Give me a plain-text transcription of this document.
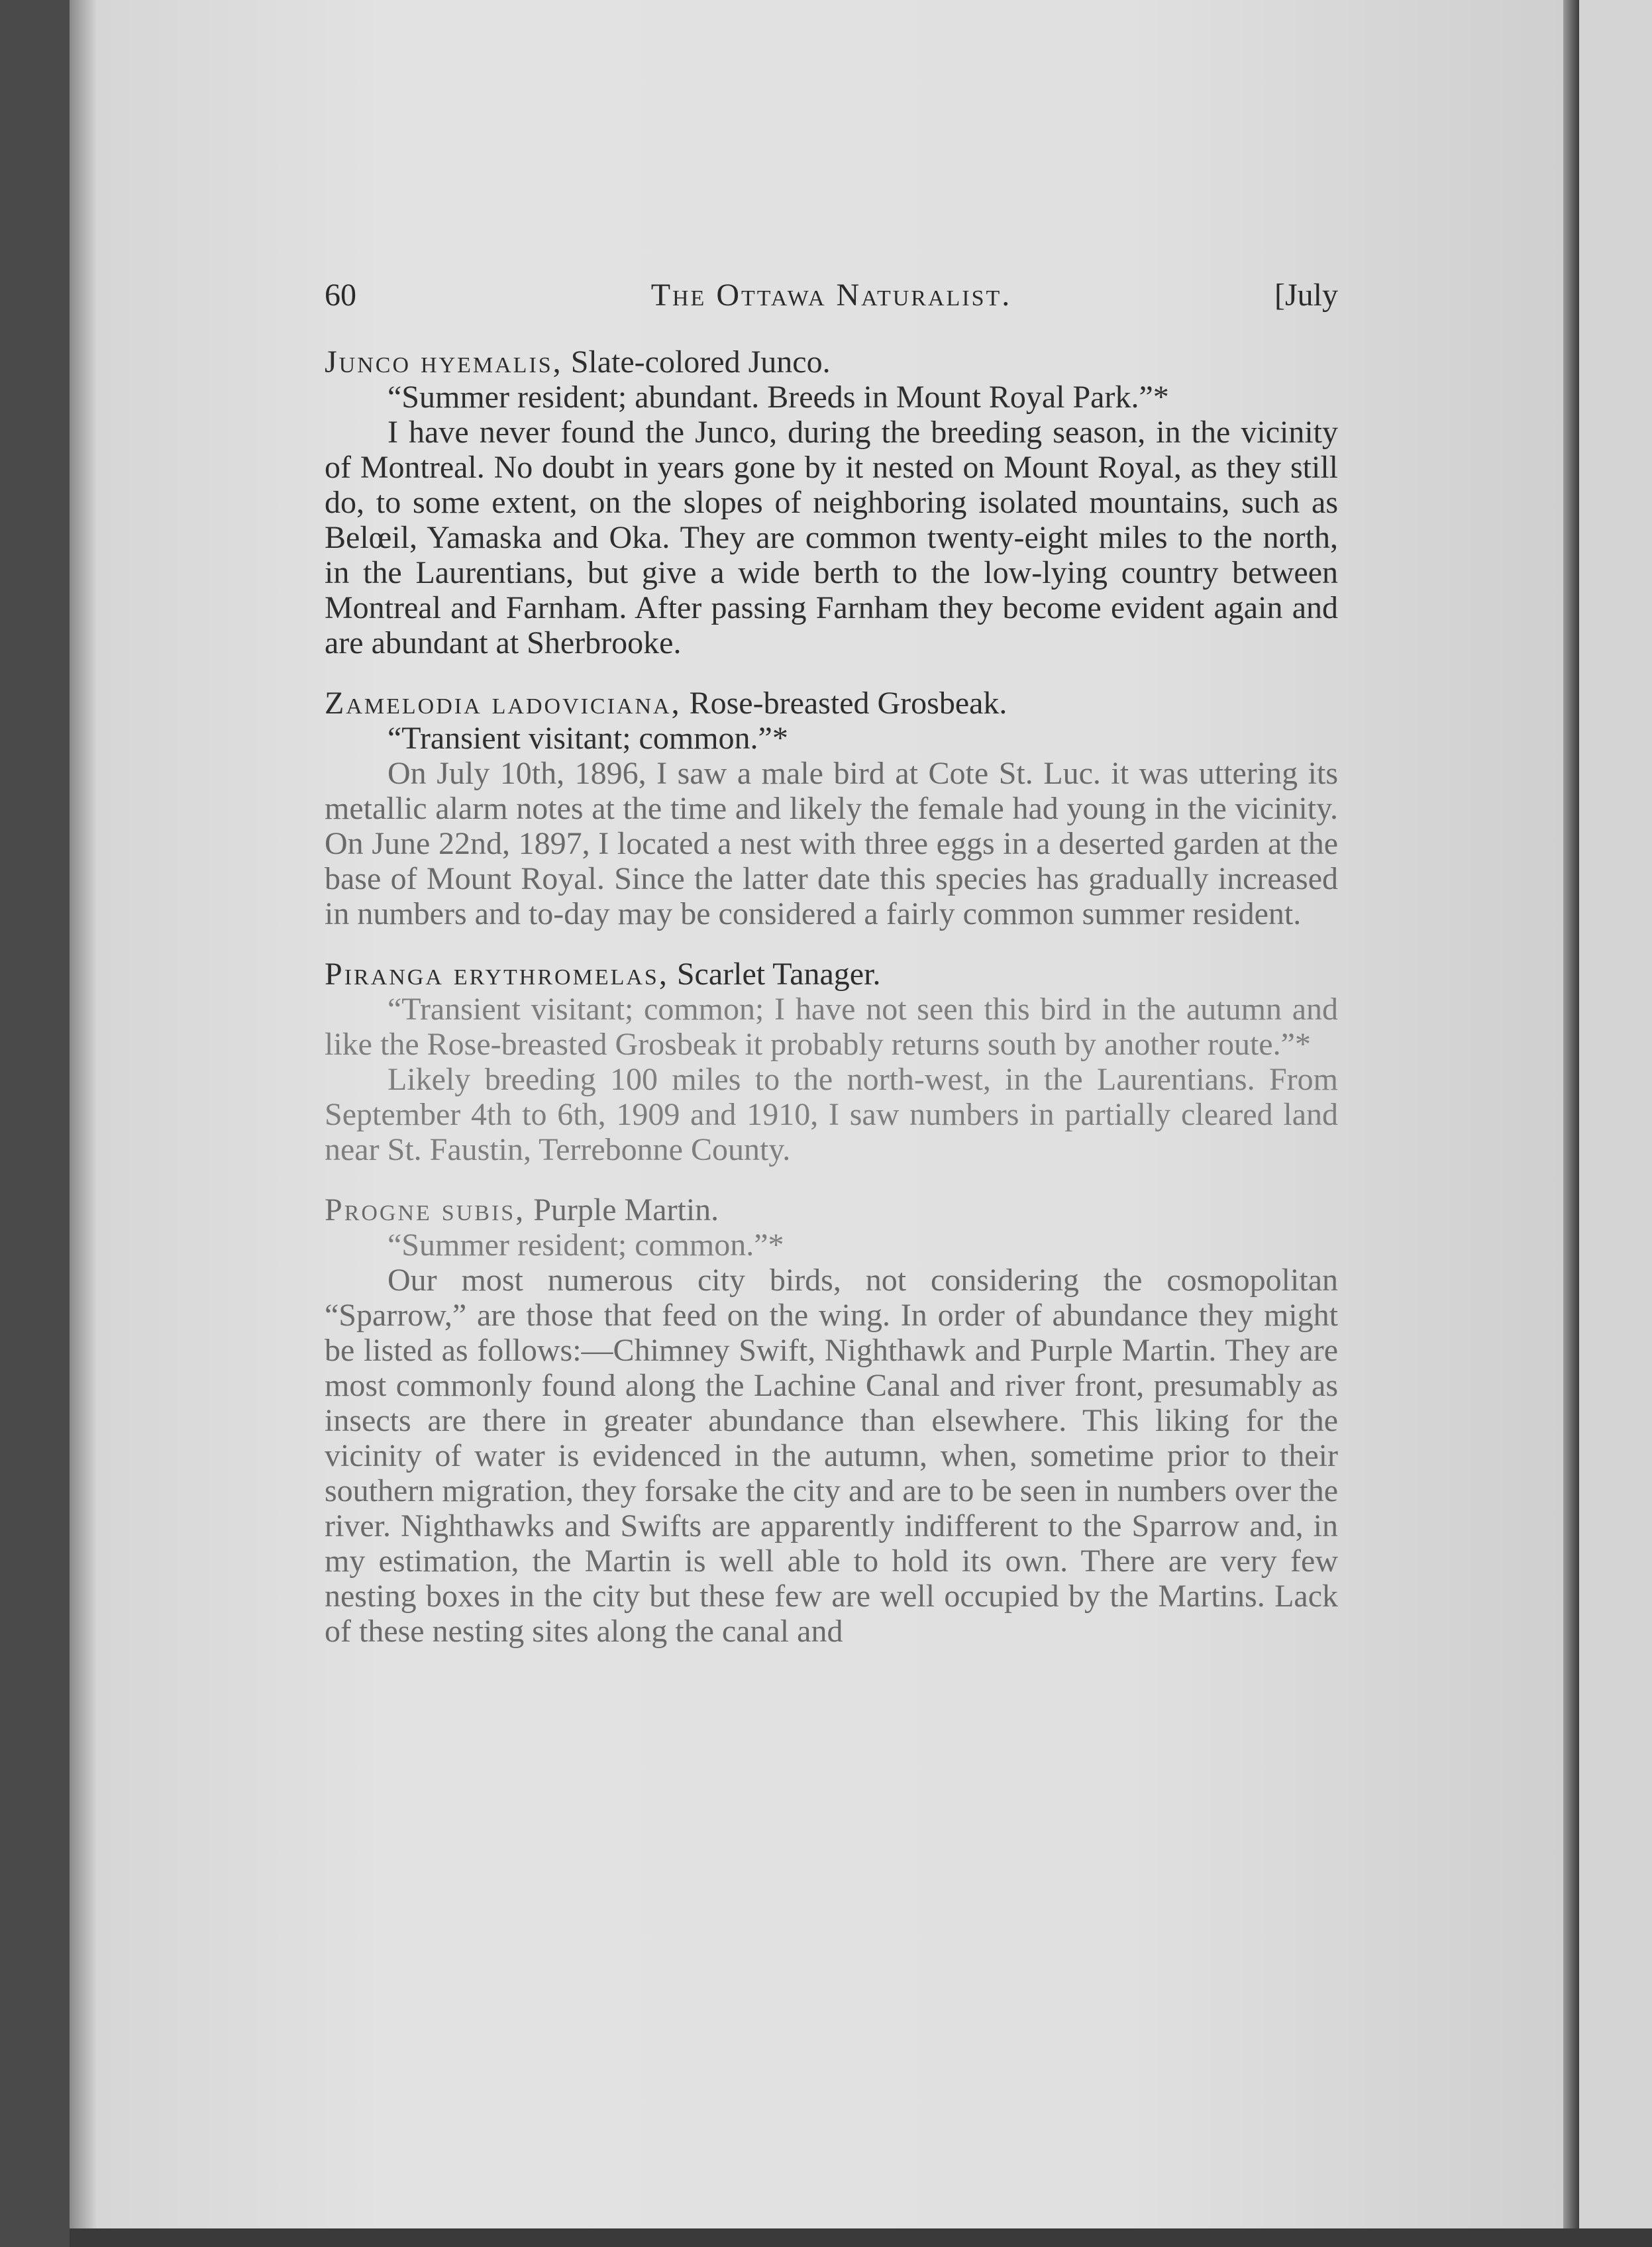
60	The Ottawa Naturalist.	[July

Junco hyemalis, Slate-colored Junco.

“Summer resident; abundant. Breeds in Mount Royal Park.”*

I have never found the Junco, during the breeding season, in the vicinity of Montreal. No doubt in years gone by it nested on Mount Royal, as they still do, to some extent, on the slopes of neighboring isolated mountains, such as Belœil, Yamaska and Oka. They are common twenty-eight miles to the north, in the Laurentians, but give a wide berth to the low-lying country between Montreal and Farnham. After passing Farnham they become evident again and are abundant at Sherbrooke.

Zamelodia ladoviciana, Rose-breasted Grosbeak.

“Transient visitant; common.”*

On July 10th, 1896, I saw a male bird at Cote St. Luc. it was uttering its metallic alarm notes at the time and likely the female had young in the vicinity. On June 22nd, 1897, I located a nest with three eggs in a deserted garden at the base of Mount Royal. Since the latter date this species has gradually increased in numbers and to-day may be considered a fairly common summer resident.

Piranga erythromelas, Scarlet Tanager.

“Transient visitant; common; I have not seen this bird in the autumn and like the Rose-breasted Grosbeak it probably returns south by another route.”*

Likely breeding 100 miles to the north-west, in the Laurentians. From September 4th to 6th, 1909 and 1910, I saw numbers in partially cleared land near St. Faustin, Terrebonne County.

Progne subis, Purple Martin.

“Summer resident; common.”*

Our most numerous city birds, not considering the cosmopolitan “Sparrow,” are those that feed on the wing. In order of abundance they might be listed as follows:—Chimney Swift, Nighthawk and Purple Martin. They are most commonly found along the Lachine Canal and river front, presumably as insects are there in greater abundance than elsewhere. This liking for the vicinity of water is evidenced in the autumn, when, sometime prior to their southern migration, they forsake the city and are to be seen in numbers over the river. Nighthawks and Swifts are apparently indifferent to the Sparrow and, in my estimation, the Martin is well able to hold its own. There are very few nesting boxes in the city but these few are well occupied by the Martins. Lack of these nesting sites along the canal and
